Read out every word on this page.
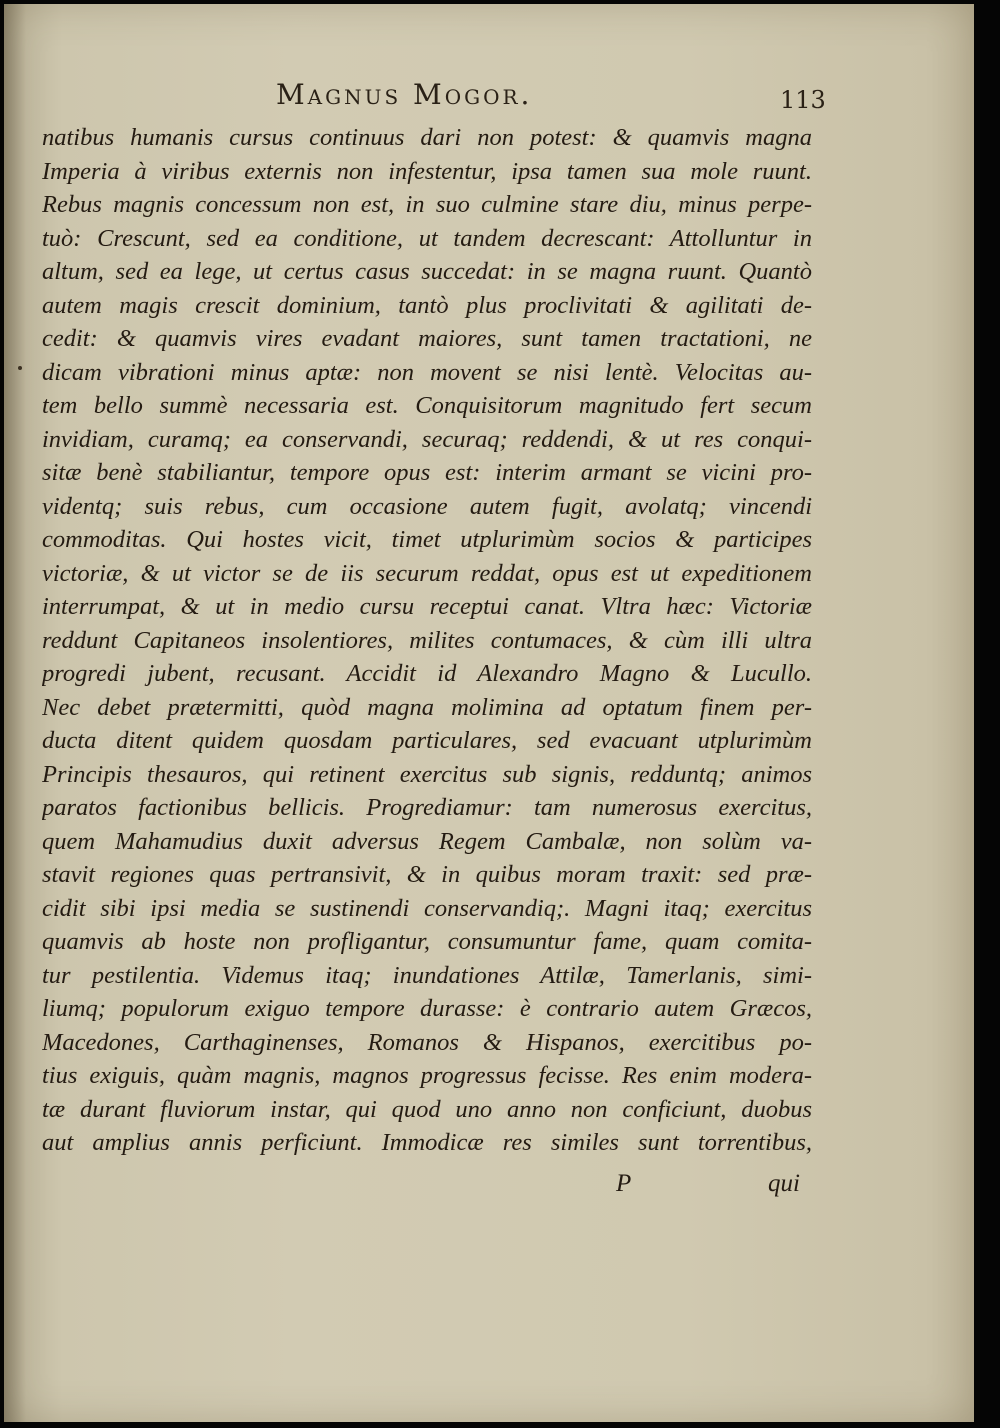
Magnus Mogor.	113
natibus humanis cursus continuus dari non potest: & quamvis magna
Imperia à viribus externis non infestentur, ipsa tamen sua mole ruunt.
Rebus magnis concessum non est, in suo culmine stare diu, minus perpe-
tuò: Crescunt, sed ea conditione, ut tandem decrescant: Attolluntur in
altum, sed ea lege, ut certus casus succedat: in se magna ruunt. Quantò
autem magis crescit dominium, tantò plus proclivitati & agilitati de-
cedit: & quamvis vires evadant maiores, sunt tamen tractationi, ne
dicam vibrationi minus aptæ: non movent se nisi lentè. Velocitas au-
tem bello summè necessaria est. Conquisitorum magnitudo fert secum
invidiam, curamq; ea conservandi, securaq; reddendi, & ut res conqui-
sitæ benè stabiliantur, tempore opus est: interim armant se vicini pro-
videntq; suis rebus, cum occasione autem fugit, avolatq; vincendi
commoditas. Qui hostes vicit, timet utplurimùm socios & participes
victoriæ, & ut victor se de iis securum reddat, opus est ut expeditionem
interrumpat, & ut in medio cursu receptui canat. Vltra hæc: Victoriæ
reddunt Capitaneos insolentiores, milites contumaces, & cùm illi ultra
progredi jubent, recusant. Accidit id Alexandro Magno & Lucullo.
Nec debet prætermitti, quòd magna molimina ad optatum finem per-
ducta ditent quidem quosdam particulares, sed evacuant utplurimùm
Principis thesauros, qui retinent exercitus sub signis, redduntq; animos
paratos factionibus bellicis. Progrediamur: tam numerosus exercitus,
quem Mahamudius duxit adversus Regem Cambalæ, non solùm va-
stavit regiones quas pertransivit, & in quibus moram traxit: sed præ-
cidit sibi ipsi media se sustinendi conservandiq;. Magni itaq; exercitus
quamvis ab hoste non profligantur, consumuntur fame, quam comita-
tur pestilentia. Videmus itaq; inundationes Attilæ, Tamerlanis, simi-
liumq; populorum exiguo tempore durasse: è contrario autem Græcos,
Macedones, Carthaginenses, Romanos & Hispanos, exercitibus po-
tius exiguis, quàm magnis, magnos progressus fecisse. Res enim modera-
tæ durant fluviorum instar, qui quod uno anno non conficiunt, duobus
aut amplius annis perficiunt. Immodicæ res similes sunt torrentibus,
P	qui
